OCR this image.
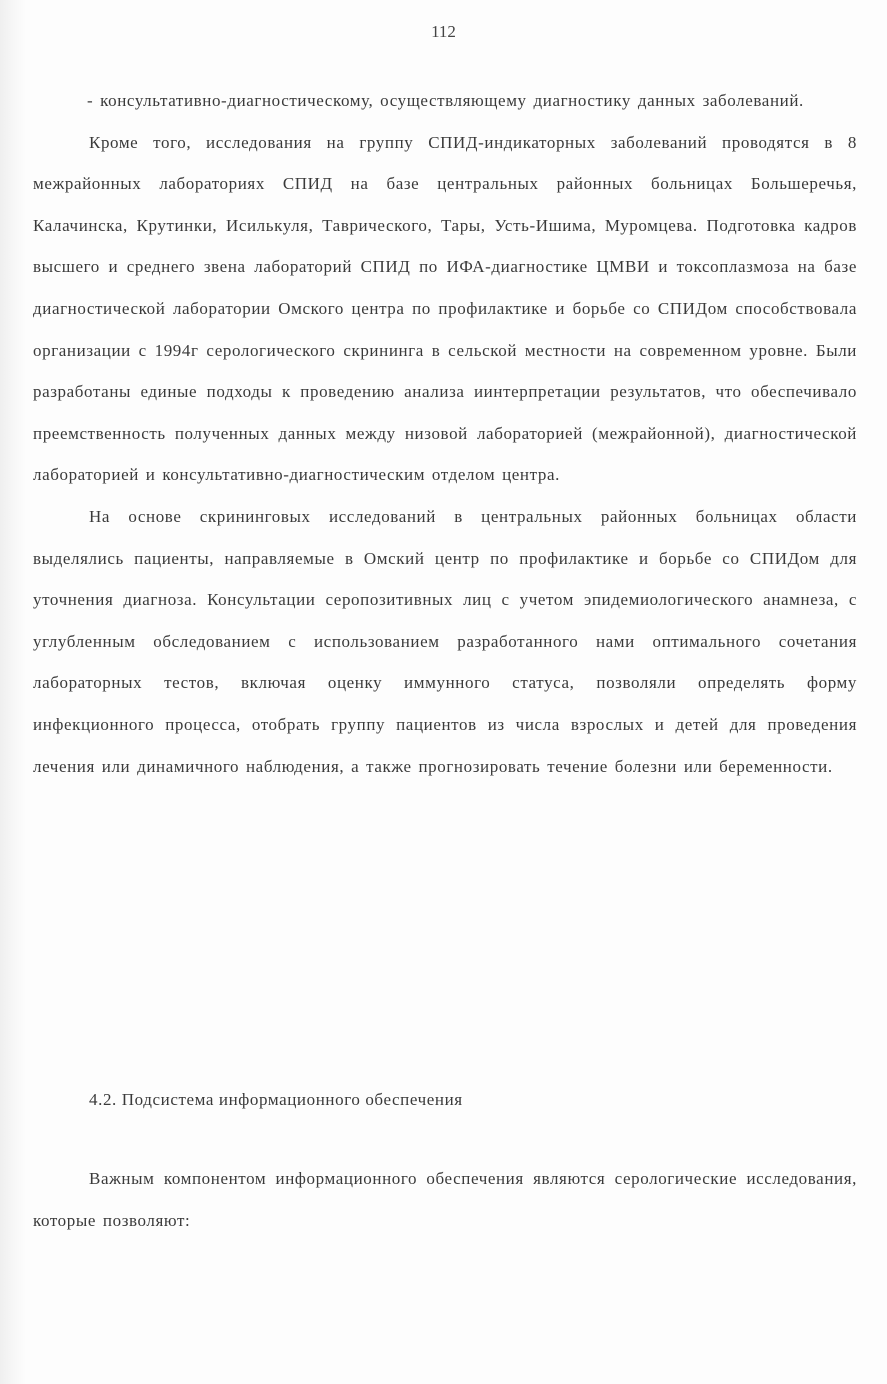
112

- консультативно-диагностическому, осуществляющему диагностику данных заболеваний.

Кроме того, исследования на группу СПИД-индикаторных заболеваний проводятся в 8 межрайонных лабораториях СПИД на базе центральных районных больницах Большеречья, Калачинска, Крутинки, Исилькуля, Таврического, Тары, Усть-Ишима, Муромцева. Подготовка кадров высшего и среднего звена лабораторий СПИД по ИФА-диагностике ЦМВИ и токсоплазмоза на базе диагностической лаборатории Омского центра по профилактике и борьбе со СПИДом способствовала организации с 1994г серологического скрининга в сельской местности на современном уровне. Были разработаны единые подходы к проведению анализа иинтерпретации результатов, что обеспечивало преемственность полученных данных между низовой лабораторией (межрайонной), диагностической лабораторией и консультативно-диагностическим отделом центра.

На основе скрининговых исследований в центральных районных больницах области выделялись пациенты, направляемые в Омский центр по профилактике и борьбе со СПИДом для уточнения диагноза. Консультации серопозитивных лиц с учетом эпидемиологического анамнеза, с углубленным обследованием с использованием разработанного нами оптимального сочетания лабораторных тестов, включая оценку иммунного статуса, позволяли определять форму инфекционного процесса, отобрать группу пациентов из числа взрослых и детей для проведения лечения или динамичного наблюдения, а также прогнозировать течение болезни или беременности.

4.2. Подсистема информационного обеспечения

Важным компонентом информационного обеспечения являются серологические исследования, которые позволяют:
